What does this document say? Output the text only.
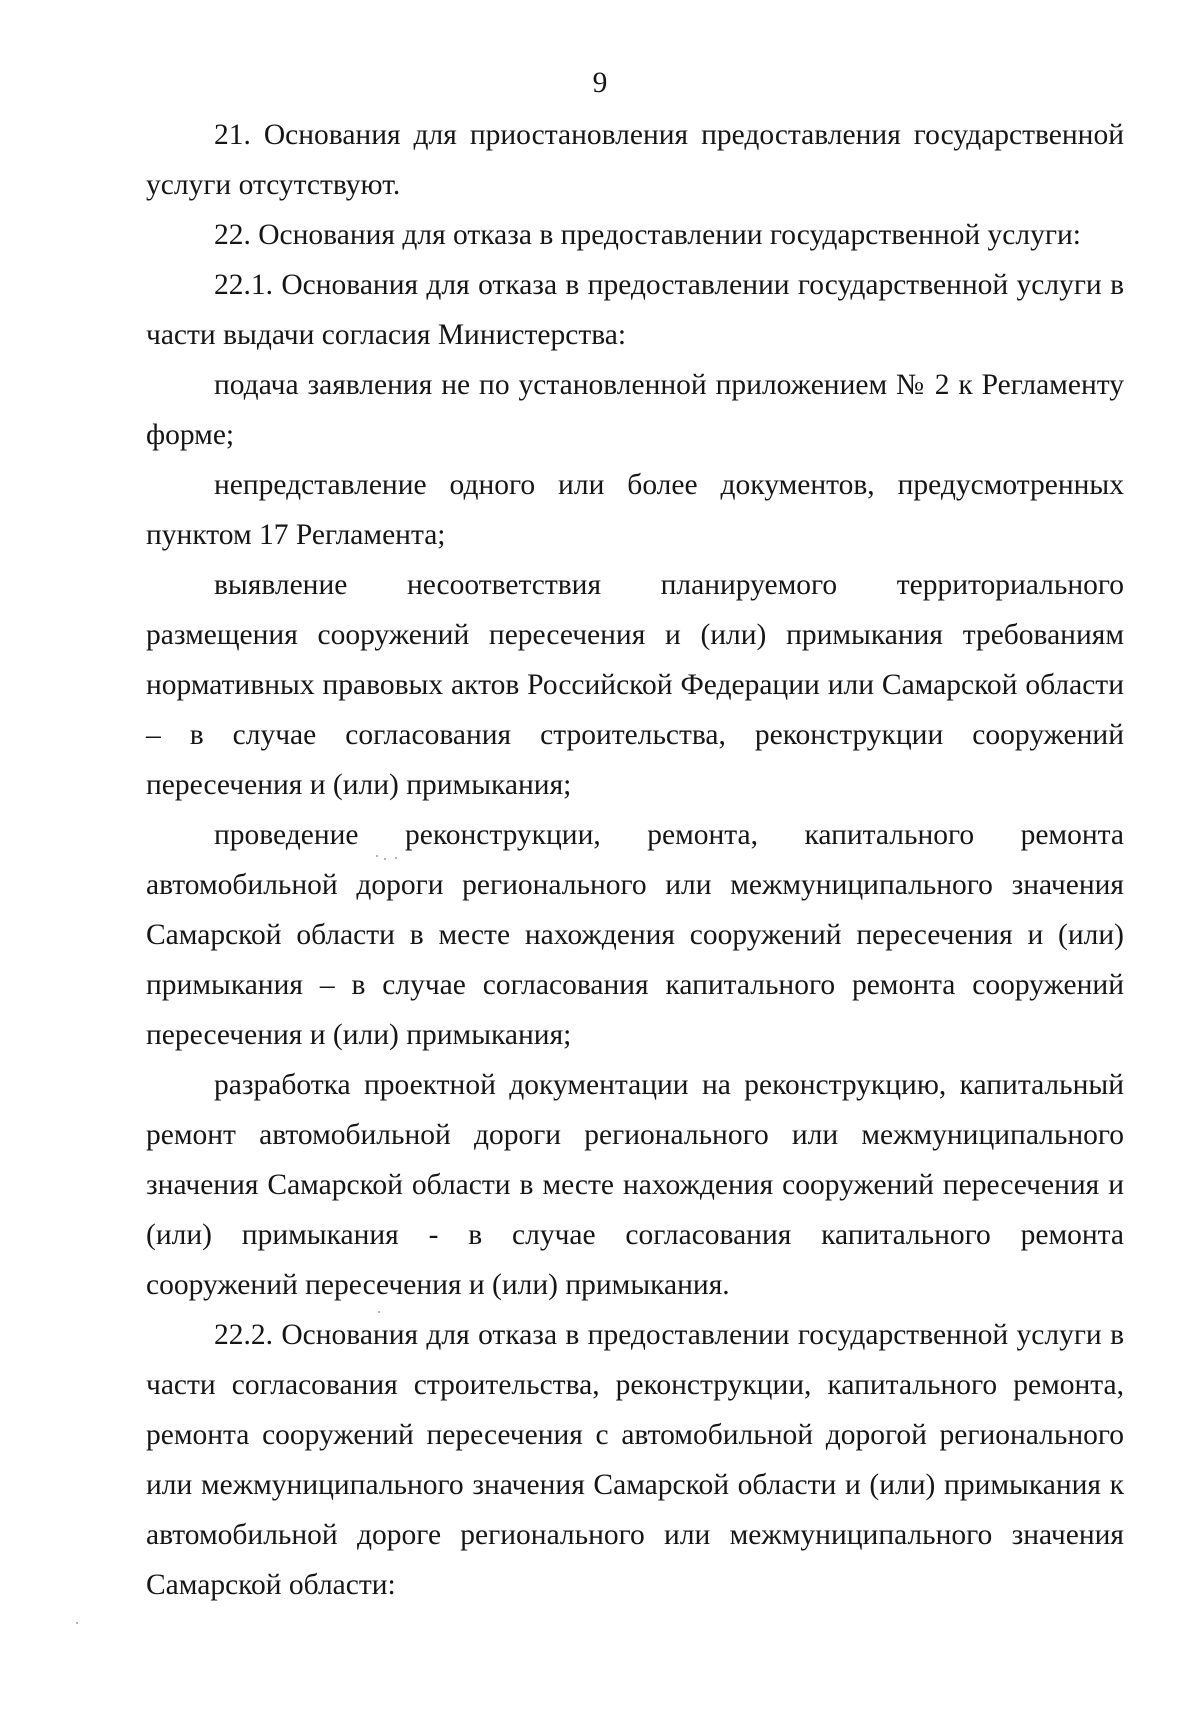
9

21. Основания для приостановления предоставления государственной услуги отсутствуют.

22. Основания для отказа в предоставлении государственной услуги:

22.1. Основания для отказа в предоставлении государственной услуги в части выдачи согласия Министерства:

подача заявления не по установленной приложением № 2 к Регламенту форме;

непредставление одного или более документов, предусмотренных пунктом 17 Регламента;

выявление несоответствия планируемого территориального размещения сооружений пересечения и (или) примыкания требованиям нормативных правовых актов Российской Федерации или Самарской области – в случае согласования строительства, реконструкции сооружений пересечения и (или) примыкания;

проведение реконструкции, ремонта, капитального ремонта автомобильной дороги регионального или межмуниципального значения Самарской области в месте нахождения сооружений пересечения и (или) примыкания – в случае согласования капитального ремонта сооружений пересечения и (или) примыкания;

разработка проектной документации на реконструкцию, капитальный ремонт автомобильной дороги регионального или межмуниципального значения Самарской области в месте нахождения сооружений пересечения и (или) примыкания - в случае согласования капитального ремонта сооружений пересечения и (или) примыкания.

22.2. Основания для отказа в предоставлении государственной услуги в части согласования строительства, реконструкции, капитального ремонта, ремонта сооружений пересечения с автомобильной дорогой регионального или межмуниципального значения Самарской области и (или) примыкания к автомобильной дороге регионального или межмуниципального значения Самарской области:
